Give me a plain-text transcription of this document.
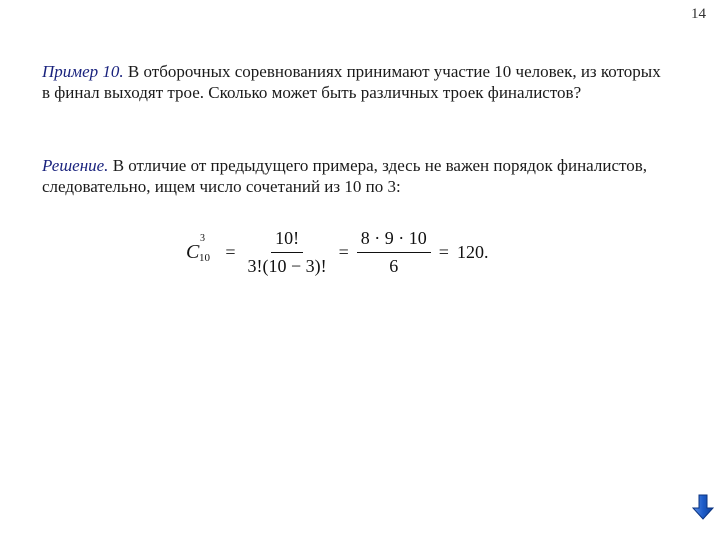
14

Пример 10. В отборочных соревнованиях принимают участие 10 человек, из которых в финал выходят трое. Сколько может быть различных троек финалистов?

Решение. В отличие от предыдущего примера, здесь не важен порядок финалистов, следовательно, ищем число сочетаний из 10 по 3:

C
3
$10 = \frac{10!}{3!(10 - 3)!} = \frac{8 \cdot 9 \cdot 10}{6} = 120$.
